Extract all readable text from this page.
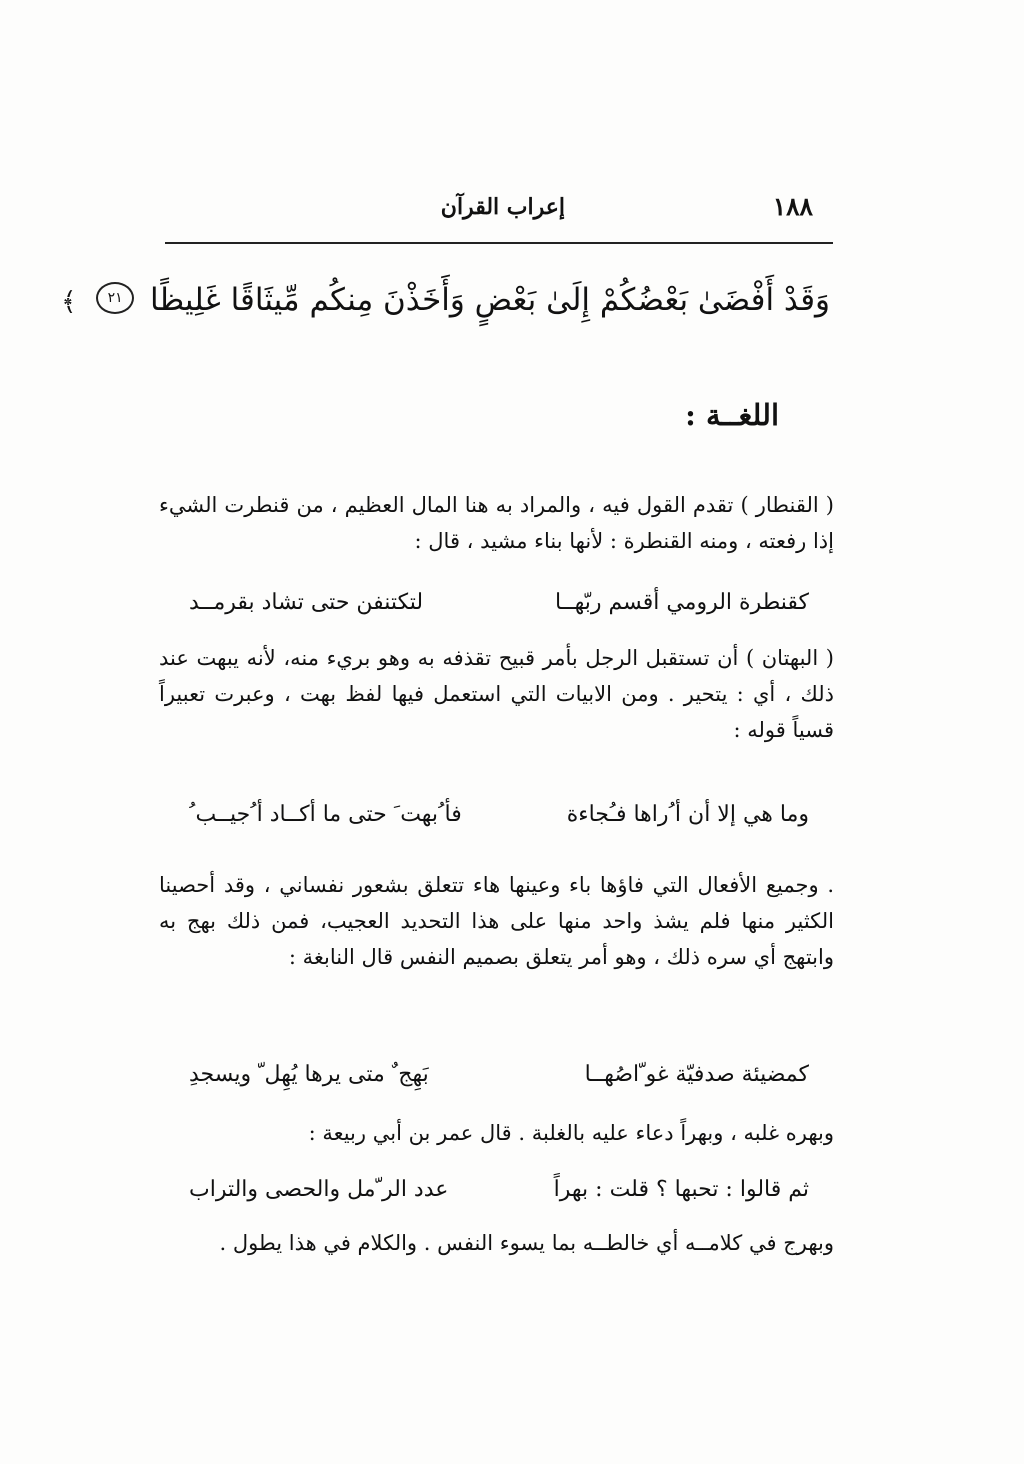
١٨٨
إعراب القرآن
وَقَدْ أَفْضَىٰ بَعْضُكُمْ إِلَىٰ بَعْضٍ وَأَخَذْنَ مِنكُم مِّيثَاقًا غَلِيظًا ٢١ ﴾
اللغــة :

( القنطار ) تقدم القول فيه ، والمراد به هنا المال العظيم ، من قنطرت الشيء إذا رفعته ، ومنه القنطرة : لأنها بناء مشيد ، قال :

كقنطرة الرومي أقسم ربّهــا
لتكتنفن حتى تشاد بقرمــد

( البهتان ) أن تستقبل الرجل بأمر قبيح تقذفه به وهو بريء منه، لأنه يبهت عند ذلك ، أي : يتحير . ومن الابيات التي استعمل فيها لفظ بهت ، وعبرت تعبيراً قسياً قوله :

وما هي إلا أن أ ُراها فـُجاءة
فأ ُبهت َ حتى ما أكــاد أ ُجيــب ُ

. وجميع الأفعال التي فاؤها باء وعينها هاء تتعلق بشعور نفساني ، وقد أحصينا الكثير منها فلم يشذ واحد منها على هذا التحديد العجيب، فمن ذلك بهج به وابتهج أي سره ذلك ، وهو أمر يتعلق بصميم النفس قال النابغة :

كمضيئة صدفيّة غو ّاصُهــا
بَهِج ٌ متى يرها يُهِل ّ ويسجدِ

وبهره غلبه ، وبهراً دعاء عليه بالغلبة . قال عمر بن أبي ربيعة :

ثم قالوا : تحبها ؟ قلت : بهراً
عدد الر ّمل والحصى والتراب

وبهرج في كلامــه أي خالطــه بما يسوء النفس . والكلام في هذا يطول .
